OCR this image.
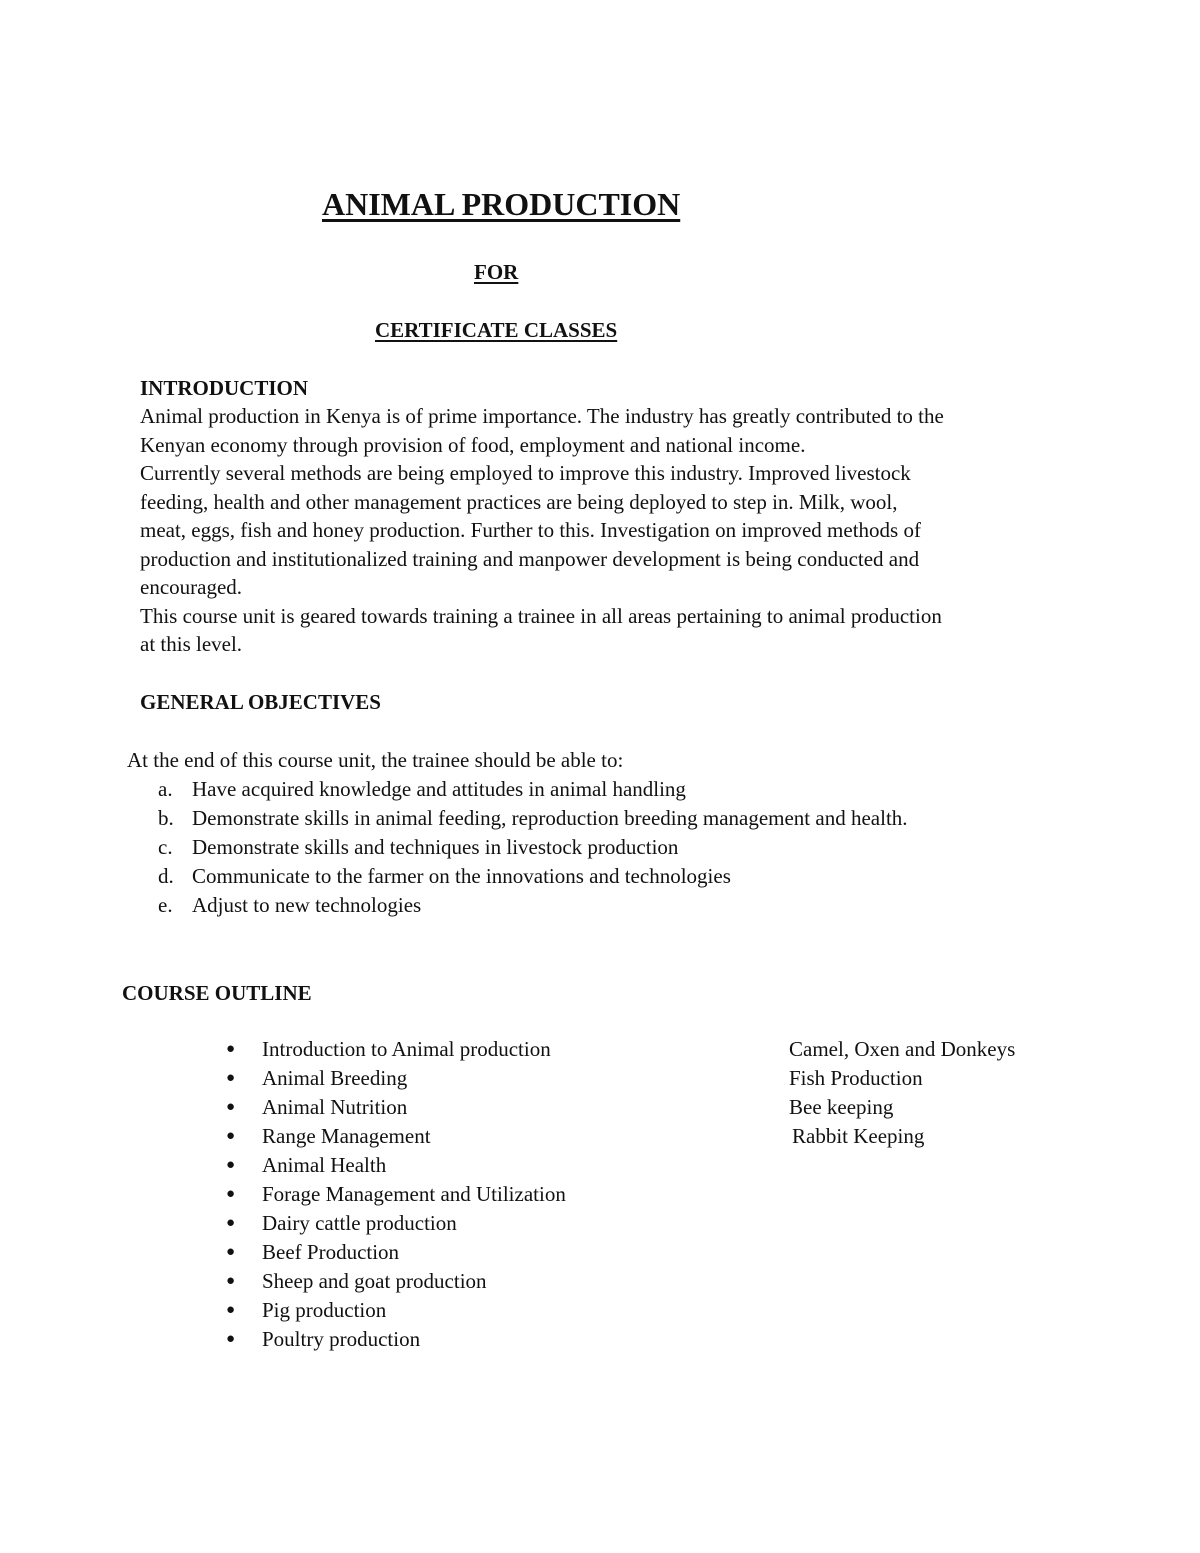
ANIMAL PRODUCTION
FOR
CERTIFICATE CLASSES
INTRODUCTION

Animal production in Kenya is of prime importance. The industry has greatly contributed to the

Kenyan economy through provision of food, employment and national income.

Currently several methods are being employed to improve this industry. Improved livestock

feeding, health and other management practices are being deployed to step in. Milk, wool,

meat, eggs, fish and honey production. Further to this. Investigation on improved methods of

production and institutionalized training and manpower development is being conducted and

encouraged.

This course unit is geared towards training a trainee in all areas pertaining to animal production

at this level.

GENERAL OBJECTIVES
At the end of this course unit, the trainee should be able to:
a. Have acquired knowledge and attitudes in animal handling
b. Demonstrate skills in animal feeding, reproduction breeding management and health.
c. Demonstrate skills and techniques in livestock production
d. Communicate to the farmer on the innovations and technologies
e. Adjust to new technologies
COURSE OUTLINE
● Introduction to Animal production
● Animal Breeding
● Animal Nutrition
● Range Management
● Animal Health
● Forage Management and Utilization
● Dairy cattle production
● Beef Production
● Sheep and goat production
● Pig production
● Poultry production
Camel, Oxen and Donkeys
Fish Production
Bee keeping
Rabbit Keeping
